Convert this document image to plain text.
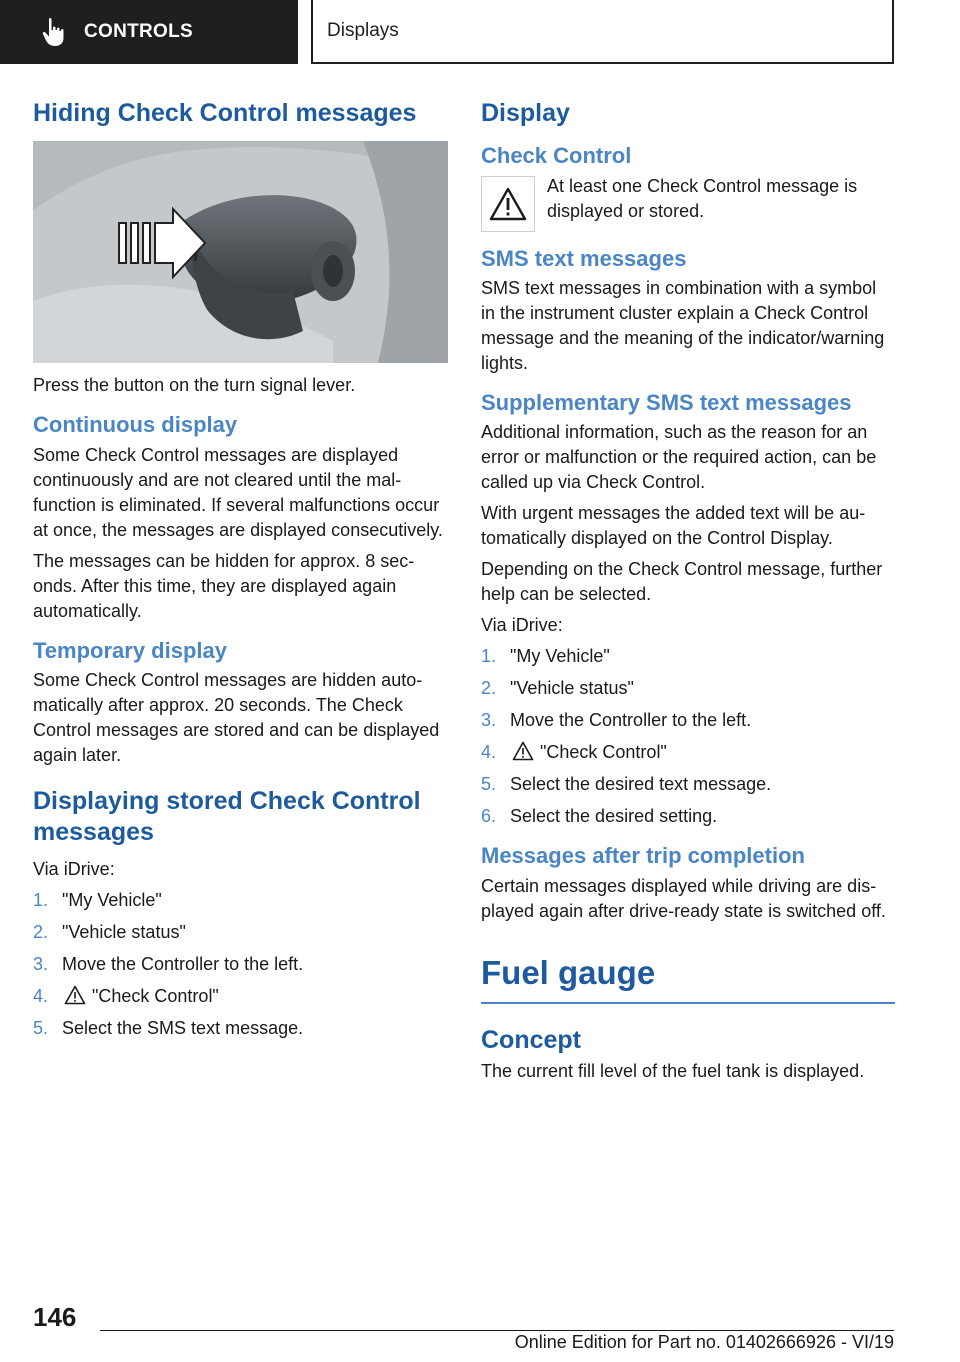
CONTROLS	Displays
Hiding Check Control messages

Press the button on the turn signal lever.

Continuous display

Some Check Control messages are displayed continuously and are not cleared until the malfunction is eliminated. If several malfunctions occur at once, the messages are displayed consecutively.

The messages can be hidden for approx. 8 seconds. After this time, they are displayed again automatically.

Temporary display

Some Check Control messages are hidden automatically after approx. 20 seconds. The Check Control messages are stored and can be displayed again later.

Displaying stored Check Control messages

Via iDrive:

1. "My Vehicle"
2. "Vehicle status"
3. Move the Controller to the left.
4.	"Check Control"
5. Select the SMS text message.
Display
Check Control

At least one Check Control message is displayed or stored.

SMS text messages

SMS text messages in combination with a symbol in the instrument cluster explain a Check Control message and the meaning of the indicator/warning lights.

Supplementary SMS text messages

Additional information, such as the reason for an error or malfunction or the required action, can be called up via Check Control.

With urgent messages the added text will be automatically displayed on the Control Display.

Depending on the Check Control message, further help can be selected.

Via iDrive:

1. "My Vehicle"
2. "Vehicle status"
3. Move the Controller to the left.
4.	"Check Control"
5. Select the desired text message.
6. Select the desired setting.
Messages after trip completion

Certain messages displayed while driving are displayed again after drive-ready state is switched off.

Fuel gauge
Concept

The current fill level of the fuel tank is displayed.

146
Online Edition for Part no. 01402666926 - VI/19
